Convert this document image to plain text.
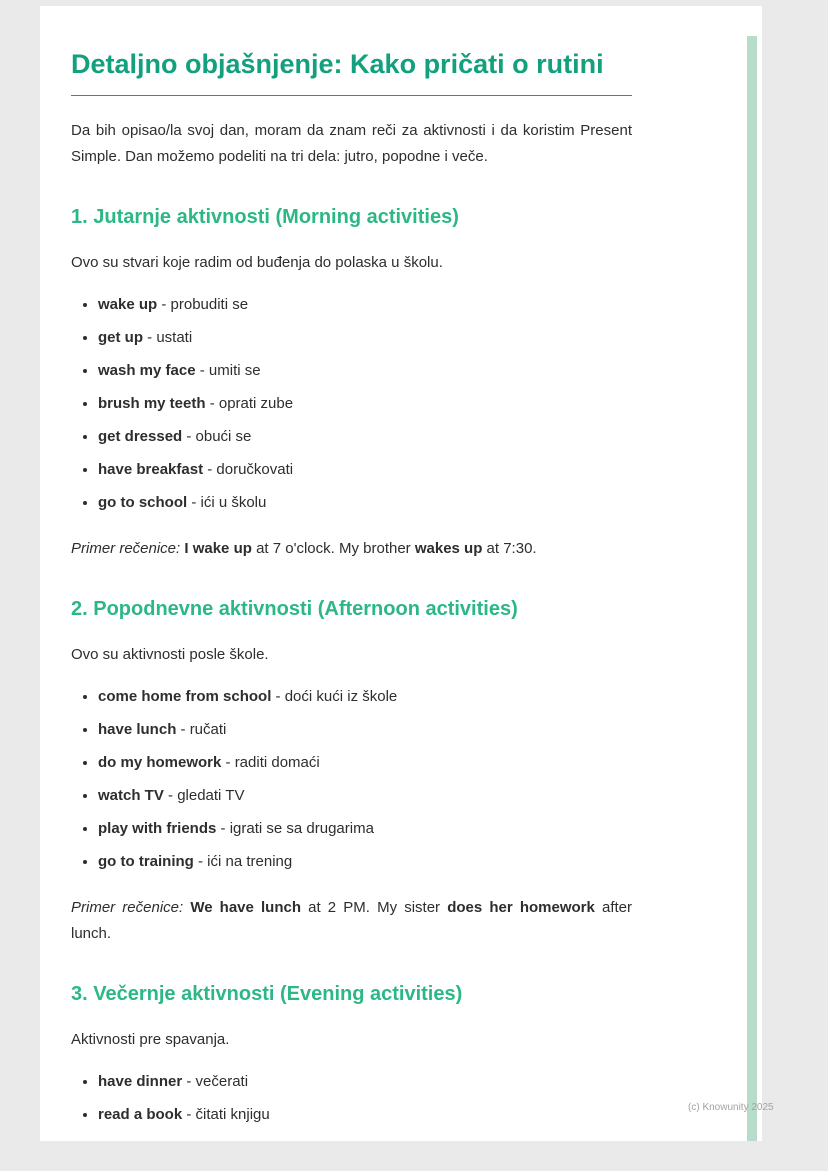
Detaljno objašnjenje: Kako pričati o rutini

Da bih opisao/la svoj dan, moram da znam reči za aktivnosti i da koristim Present Simple. Dan možemo podeliti na tri dela: jutro, popodne i veče.

1. Jutarnje aktivnosti (Morning activities)

Ovo su stvari koje radim od buđenja do polaska u školu.

• wake up - probuditi se
• get up - ustati
• wash my face - umiti se
• brush my teeth - oprati zube
• get dressed - obući se
• have breakfast - doručkovati
• go to school - ići u školu

Primer rečenice: I wake up at 7 o'clock. My brother wakes up at 7:30.

2. Popodnevne aktivnosti (Afternoon activities)

Ovo su aktivnosti posle škole.

• come home from school - doći kući iz škole
• have lunch - ručati
• do my homework - raditi domaći
• watch TV - gledati TV
• play with friends - igrati se sa drugarima
• go to training - ići na trening

Primer rečenice: We have lunch at 2 PM. My sister does her homework after lunch.

3. Večernje aktivnosti (Evening activities)

Aktivnosti pre spavanja.

• have dinner - večerati
• read a book - čitati knjigu	(c) Knowunity 2025
